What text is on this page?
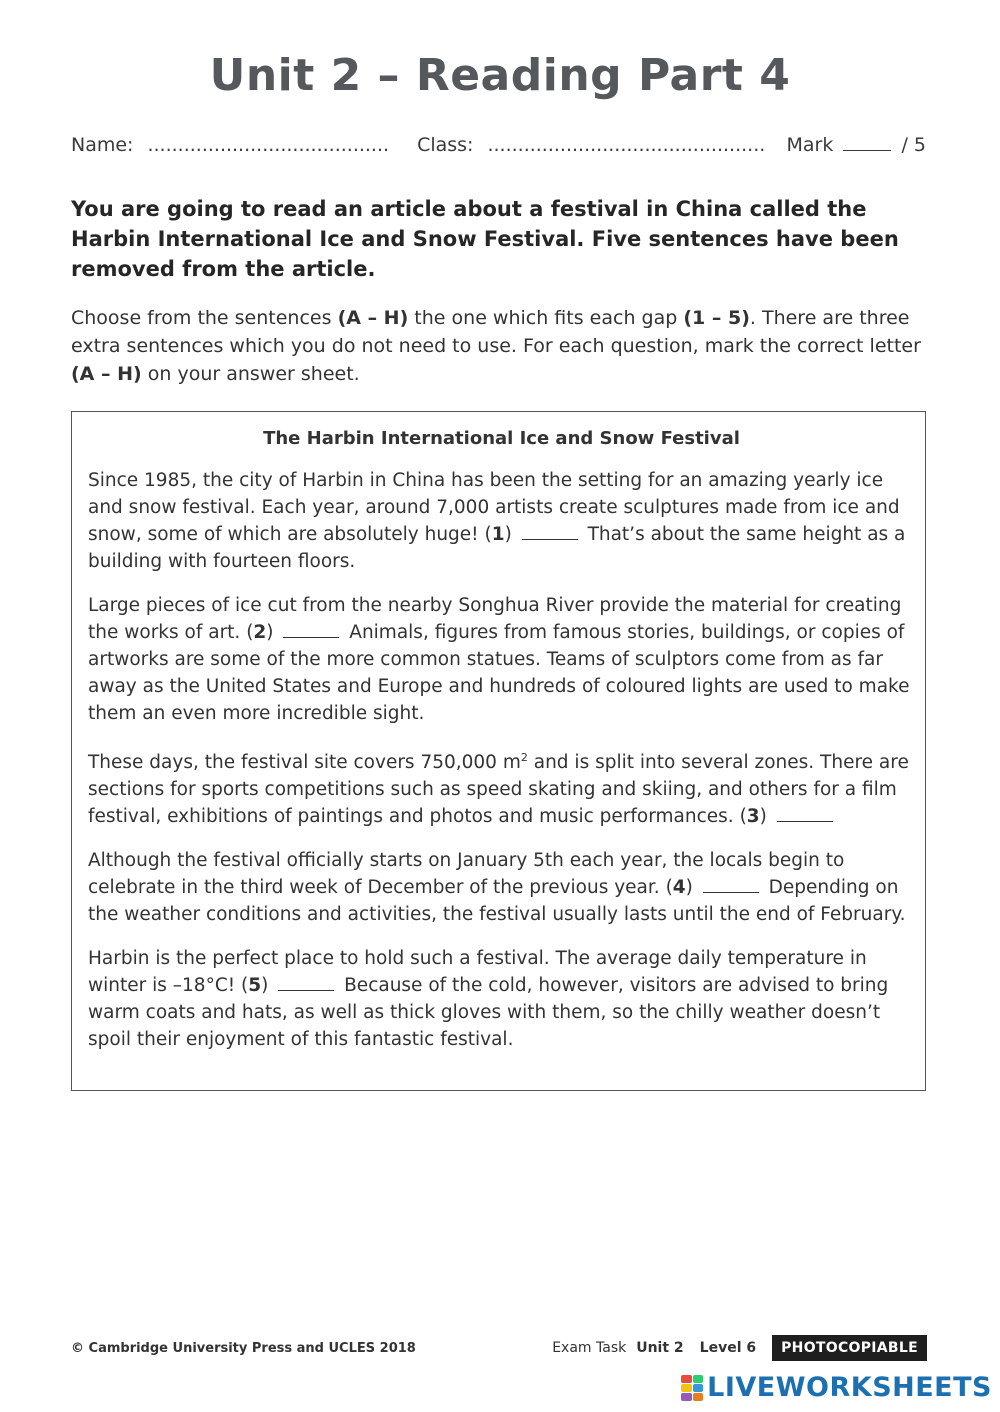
Unit 2 – Reading Part 4
Name: ........................................ Class: .............................................. Mark	/ 5
You are going to read an article about a festival in China called the Harbin International Ice and Snow Festival. Five sentences have been removed from the article.
Choose from the sentences (A – H) the one which fits each gap (1 – 5). There are three extra sentences which you do not need to use. For each question, mark the correct letter (A – H) on your answer sheet.
The Harbin International Ice and Snow Festival

Since 1985, the city of Harbin in China has been the setting for an amazing yearly ice and snow festival. Each year, around 7,000 artists create sculptures made from ice and snow, some of which are absolutely huge! (1)	That’s about the same height as a building with fourteen floors.

Large pieces of ice cut from the nearby Songhua River provide the material for creating the works of art. (2)	Animals, figures from famous stories, buildings, or copies of artworks are some of the more common statues. Teams of sculptors come from as far away as the United States and Europe and hundreds of coloured lights are used to make them an even more incredible sight.

These days, the festival site covers 750,000 $m^2$ and is split into several zones. There are sections for sports competitions such as speed skating and skiing, and others for a film festival, exhibitions of paintings and photos and music performances. (3)

Although the festival officially starts on January 5th each year, the locals begin to celebrate in the third week of December of the previous year. (4)	Depending on the weather conditions and activities, the festival usually lasts until the end of February.

Harbin is the perfect place to hold such a festival. The average daily temperature in winter is –18°C! (5)	Because of the cold, however, visitors are advised to bring warm coats and hats, as well as thick gloves with them, so the chilly weather doesn’t spoil their enjoyment of this fantastic festival.

© Cambridge University Press and UCLES 2018	Exam Task Unit 2 Level 6	PHOTOCOPIABLE
LIVEWORKSHEETS
